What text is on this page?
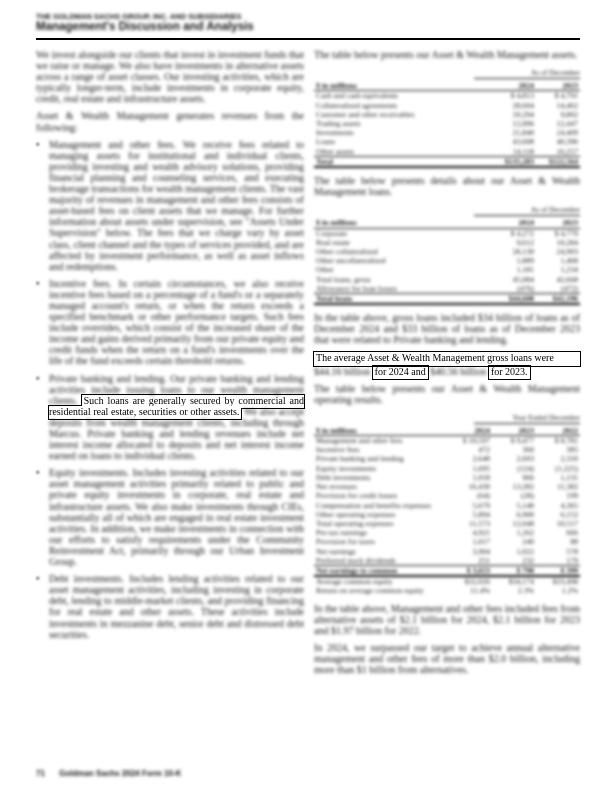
THE GOLDMAN SACHS GROUP, INC. AND SUBSIDIARIES
Management's Discussion and Analysis

We invest alongside our clients that invest in investment funds that we raise or manage. We also have investments in alternative assets across a range of asset classes. Our investing activities, which are typically longer-term, include investments in corporate equity, credit, real estate and infrastructure assets.

Asset & Wealth Management generates revenues from the following:

• Management and other fees. We receive fees related to managing assets for institutional and individual clients, providing investing and wealth advisory solutions, providing financial planning and counseling services, and executing brokerage transactions for wealth management clients. The vast majority of revenues in management and other fees consists of asset-based fees on client assets that we manage. For further information about assets under supervision, see "Assets Under Supervision" below. The fees that we charge vary by asset class, client channel and the types of services provided, and are affected by investment performance, as well as asset inflows and redemptions.
• Incentive fees. In certain circumstances, we also receive incentive fees based on a percentage of a fund's or a separately managed account's return, or when the return exceeds a specified benchmark or other performance targets. Such fees include overrides, which consist of the increased share of the income and gains derived primarily from our private equity and credit funds when the return on a fund's investments over the life of the fund exceeds certain threshold returns.
• Private banking and lending. Our private banking and lending activities include issuing loans to our wealth management clients. Such loans are generally secured by commercial and residential real estate, securities or other assets. We also accept deposits from wealth management clients, including through Marcus. Private banking and lending revenues include net interest income allocated to deposits and net interest income earned on loans to individual clients.
• Equity investments. Includes investing activities related to our asset management activities primarily related to public and private equity investments in corporate, real estate and infrastructure assets. We also make investments through CIEs, substantially all of which are engaged in real estate investment activities. In addition, we make investments in connection with our efforts to satisfy requirements under the Community Reinvestment Act, primarily through our Urban Investment Group.
• Debt investments. Includes lending activities related to our asset management activities, including investing in corporate debt, lending to middle-market clients, and providing financing for real estate and other assets. These activities include investments in mezzanine debt, senior debt and distressed debt securities.

The table below presents our Asset & Wealth Management assets.

As of December
$ in millions	2024	2023
Cash and cash equivalents	$ 4,813	$ 4,791
Collateralized agreements	28,604	14,462
Customer and other receivables	10,294	9,802
Trading assets	12,006	12,447
Investments	21,840	24,409
Loans	43,608	40,396
Other assets	14,118	16,257
Total	$135,283	$122,564

The table below presents details about our Asset & Wealth Management loans.

As of December
$ in millions	2024	2023
Corporate	$ 4,272	$ 4,779
Real estate	9,612	10,284
Other collateralized	28,130	24,903
Other uncollateralized	1,889	1,468
Other	1,181	1,234
Total loans, gross	45,084	42,668
Allowance for loan losses	(476)	(472)
Total loans	$44,608	$42,196

In the table above, gross loans included $34 billion of loans as of December 2024 and $33 billion of loans as of December 2023 that were related to Private banking and lending.

The average Asset & Wealth Management gross loans were
$44.16 billion for 2024 and $40.56 billion for 2023.

The table below presents our Asset & Wealth Management operating results.

Year Ended December
$ in millions	2024	2023	2022
Management and other fees	$ 10,597	$ 9,477	$ 8,781
Incentive fees	472	360	385
Private banking and lending	2,648	2,603	2,310
Equity investments	1,695	(124)	(1,225)
Debt investments	1,018	966	1,131
Net revenues	16,430	13,282	11,382
Provision for credit losses	(64)	(28)	199
Compensation and benefits expenses	5,679	5,148	4,365
Other operating expenses	5,894	6,900	6,152
Total operating expenses	11,573	12,048	10,517
Pre-tax earnings	4,921	1,262	666
Provision for taxes	1,017	240	88
Net earnings	3,904	1,022	578
Preferred stock dividends	251	232	179
Net earnings to common	$ 3,653	$ 790	$ 399
Average common equity	$32,026	$34,174	$33,498
Return on average common equity	11.4%	2.3%	1.2%

In the table above, Management and other fees included fees from alternative assets of $2.1 billion for 2024, $2.1 billion for 2023 and $1.97 billion for 2022.

In 2024, we surpassed our target to achieve annual alternative management and other fees of more than $2.0 billion, including more than $1 billion from alternatives.

71 Goldman Sachs 2024 Form 10-K
